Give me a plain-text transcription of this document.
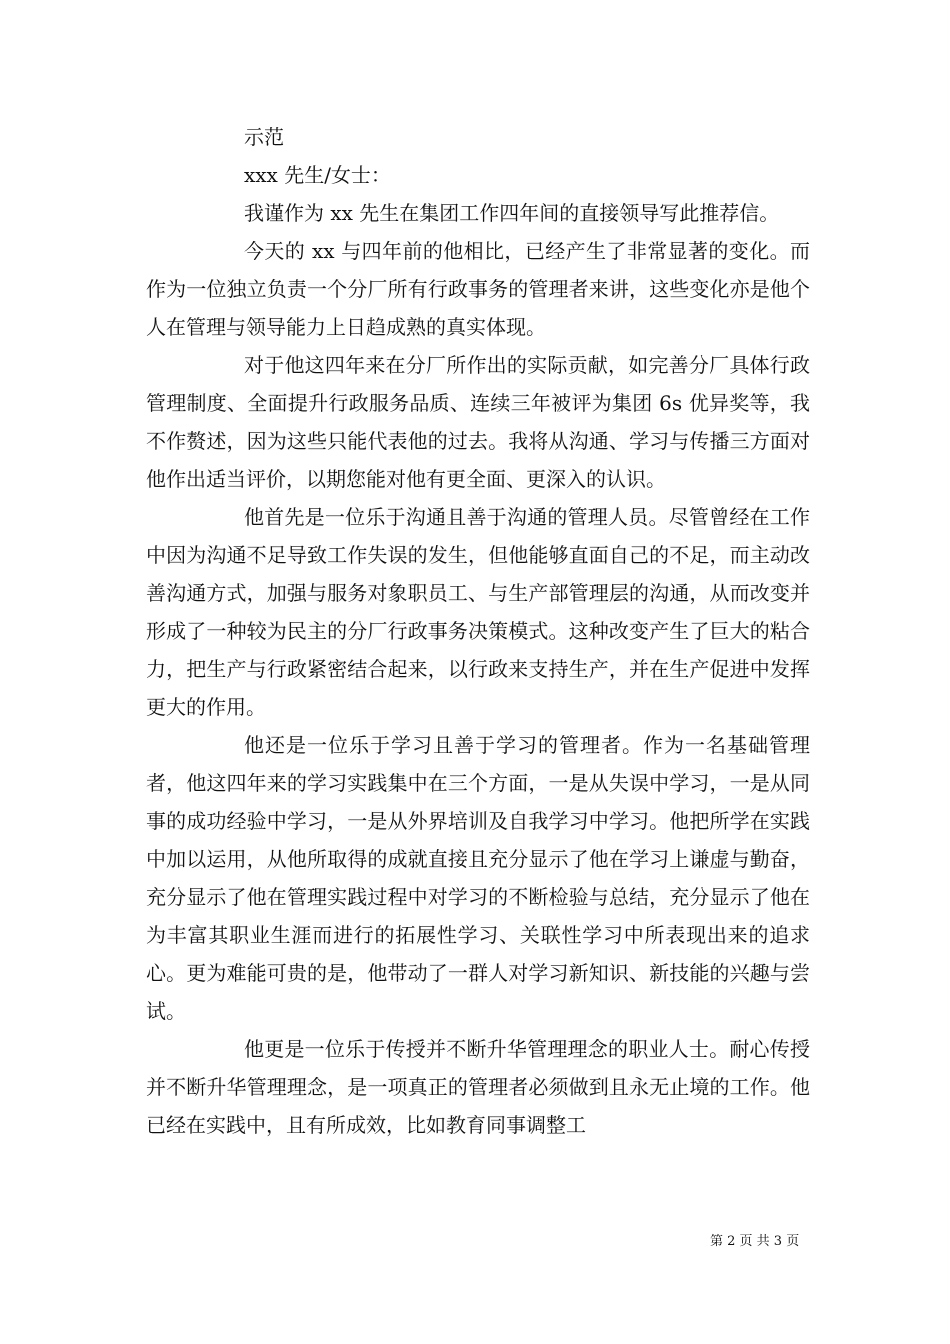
示范

xxx 先生/女士：

我谨作为 xx 先生在集团工作四年间的直接领导写此推荐信。

今天的 xx 与四年前的他相比，已经产生了非常显著的变化。而作为一位独立负责一个分厂所有行政事务的管理者来讲，这些变化亦是他个人在管理与领导能力上日趋成熟的真实体现。

对于他这四年来在分厂所作出的实际贡献，如完善分厂具体行政管理制度、全面提升行政服务品质、连续三年被评为集团 6s 优异奖等，我不作赘述，因为这些只能代表他的过去。我将从沟通、学习与传播三方面对他作出适当评价，以期您能对他有更全面、更深入的认识。

他首先是一位乐于沟通且善于沟通的管理人员。尽管曾经在工作中因为沟通不足导致工作失误的发生，但他能够直面自己的不足，而主动改善沟通方式，加强与服务对象职员工、与生产部管理层的沟通，从而改变并形成了一种较为民主的分厂行政事务决策模式。这种改变产生了巨大的粘合力，把生产与行政紧密结合起来，以行政来支持生产，并在生产促进中发挥更大的作用。

他还是一位乐于学习且善于学习的管理者。作为一名基础管理者，他这四年来的学习实践集中在三个方面，一是从失误中学习，一是从同事的成功经验中学习，一是从外界培训及自我学习中学习。他把所学在实践中加以运用，从他所取得的成就直接且充分显示了他在学习上谦虚与勤奋，充分显示了他在管理实践过程中对学习的不断检验与总结，充分显示了他在为丰富其职业生涯而进行的拓展性学习、关联性学习中所表现出来的追求心。更为难能可贵的是，他带动了一群人对学习新知识、新技能的兴趣与尝试。

他更是一位乐于传授并不断升华管理理念的职业人士。耐心传授并不断升华管理理念，是一项真正的管理者必须做到且永无止境的工作。他已经在实践中，且有所成效，比如教育同事调整工

第 2 页 共 3 页
